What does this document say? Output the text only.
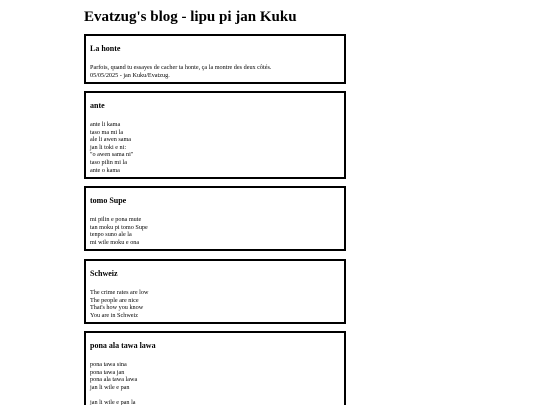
Evatzug's blog - lipu pi jan Kuku
La honte
Parfois, quand tu essayes de cacher ta honte, ça la montre des deux côtés.
05/05/2025 - jan Kuku/Evatzug.
ante
ante li kama
taso ma mi la
ale li awen sama
jan li toki e ni:
"o awen sama ni"
taso pilin mi la
ante o kama
tomo Supe
mi pilin e pona mute
tan moku pi tomo Supe
tenpo suno ale la
mi wile moku e ona
Schweiz
The crime rates are low
The people are nice
That's how you know
You are in Schweiz
pona ala tawa lawa
pona tawa sina
pona tawa jan
pona ala tawa lawa
jan li wile e pan
jan li wile e pan la
